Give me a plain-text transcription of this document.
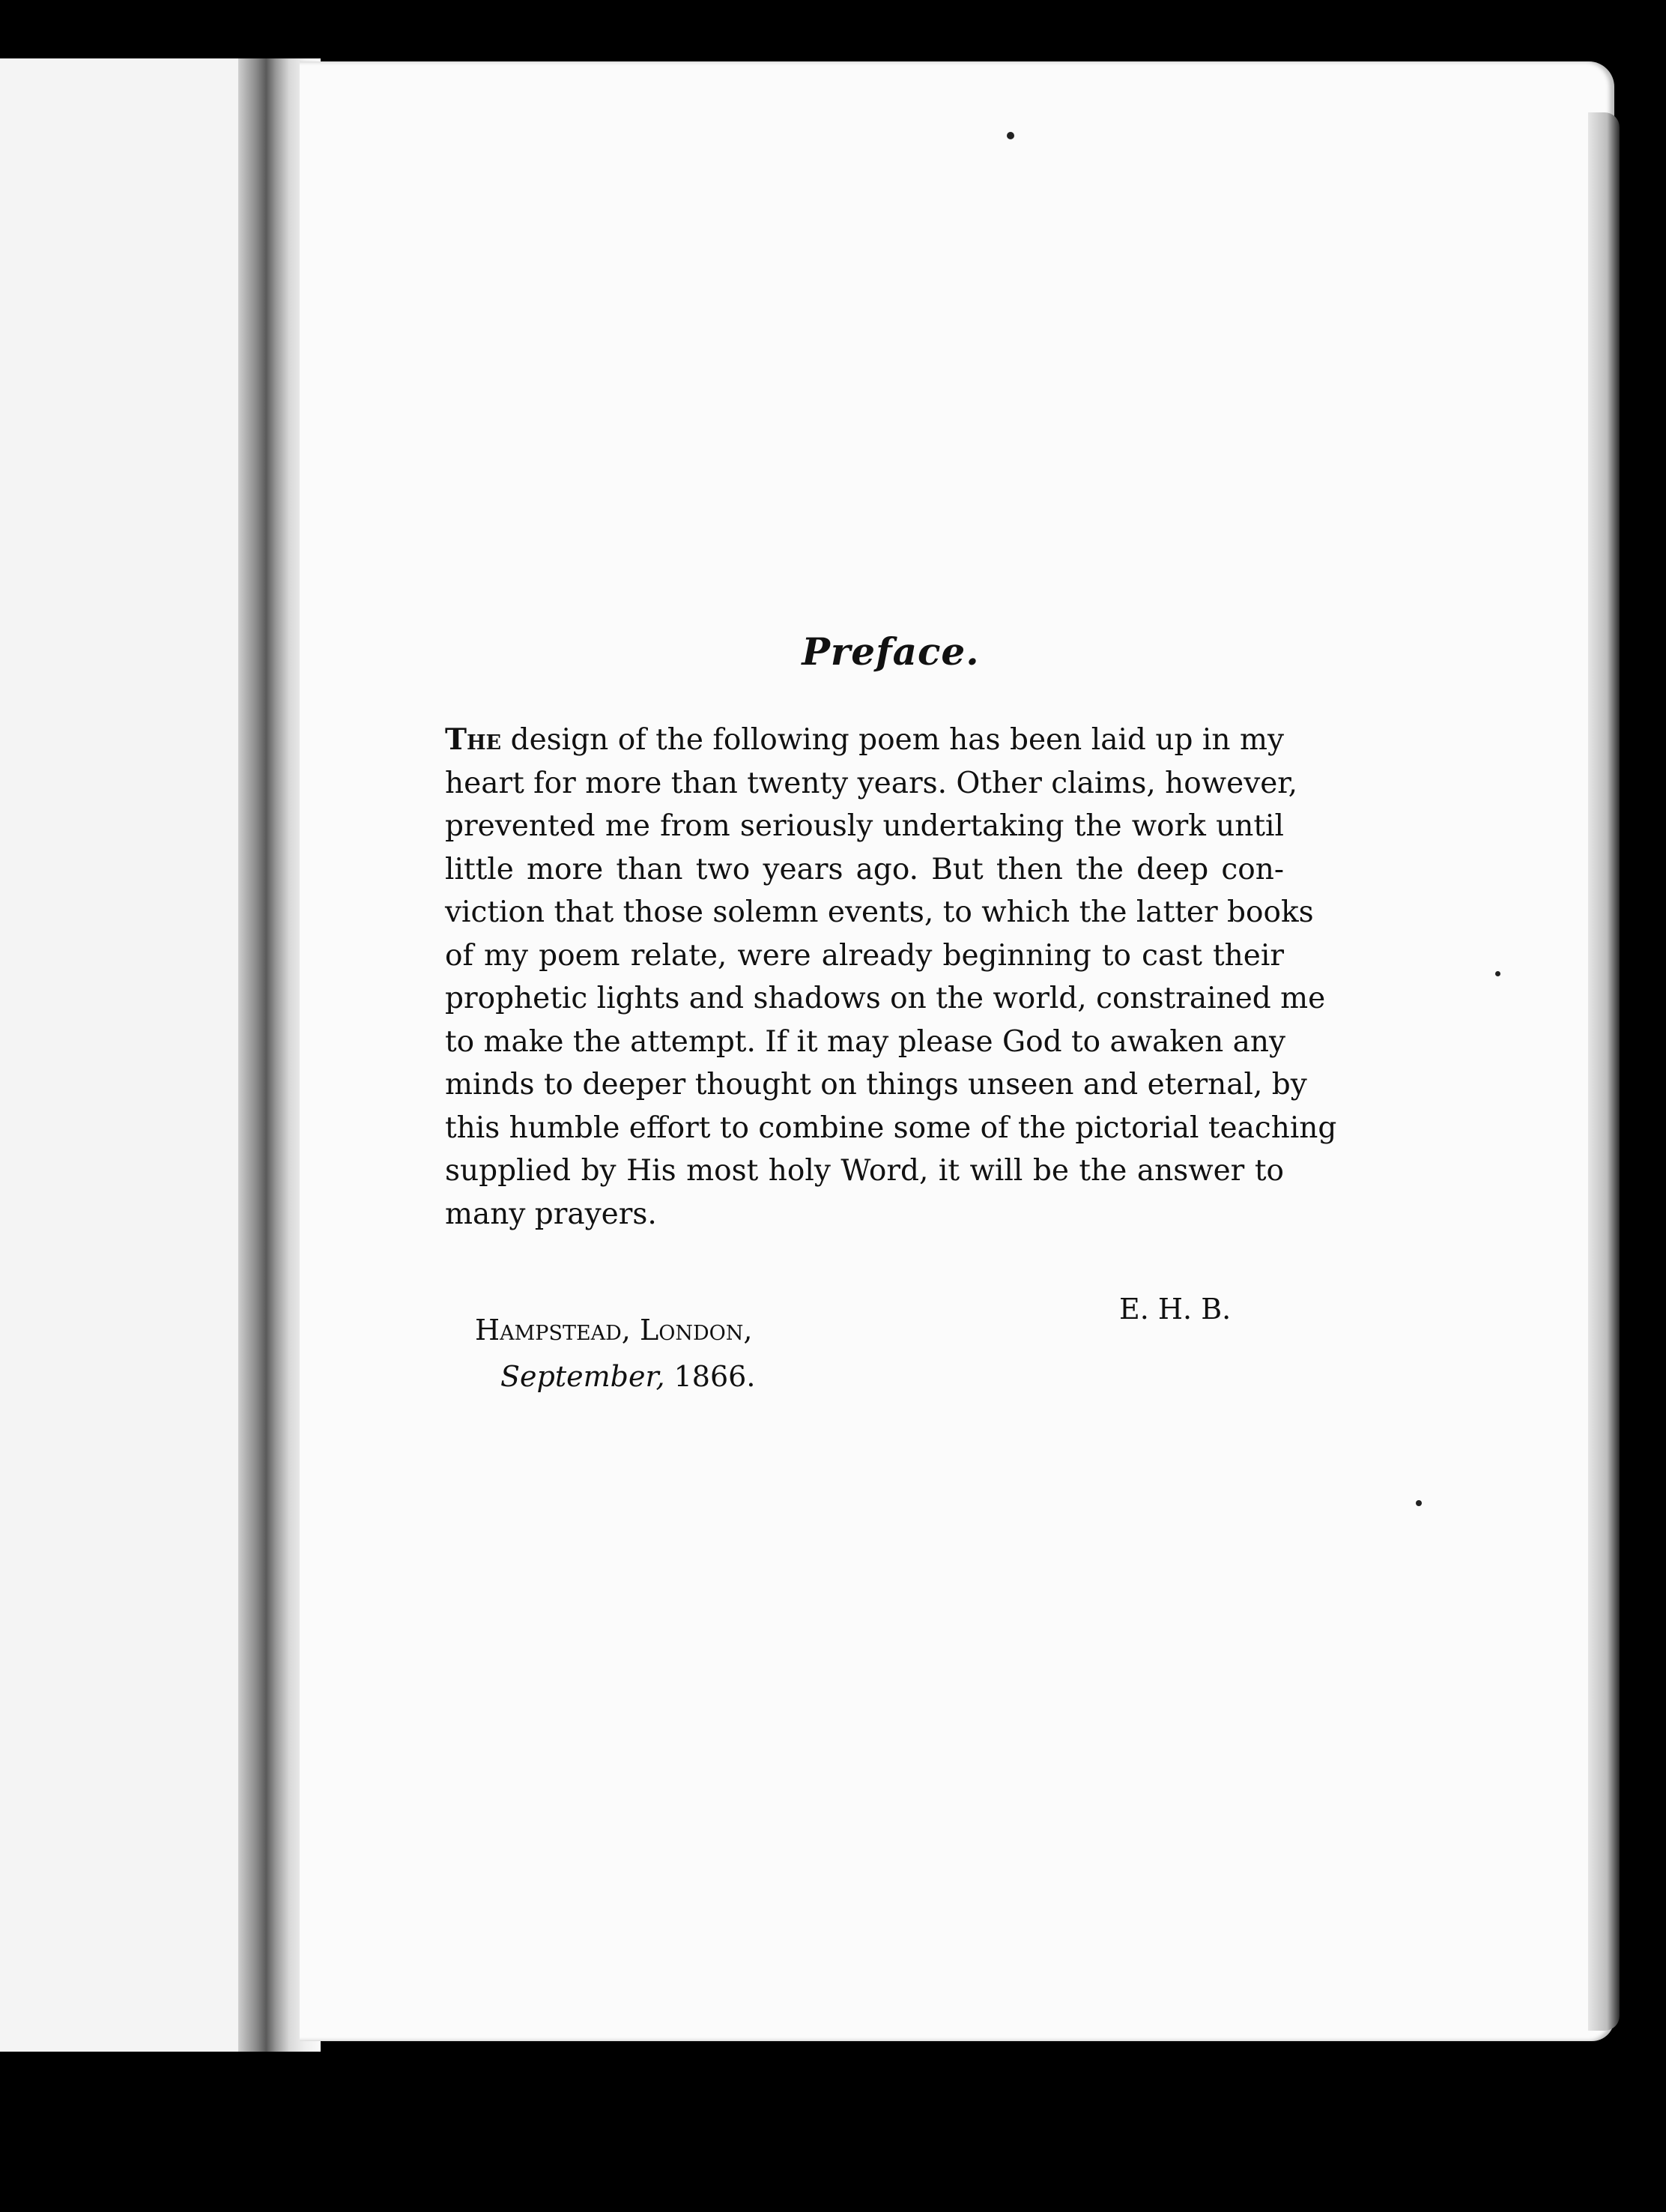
Preface.

The design of the following poem has been laid up in my
heart for more than twenty years. Other claims, however,
prevented me from seriously undertaking the work until
little more than two years ago. But then the deep con-
viction that those solemn events, to which the latter books
of my poem relate, were already beginning to cast their
prophetic lights and shadows on the world, constrained me
to make the attempt. If it may please God to awaken any
minds to deeper thought on things unseen and eternal, by
this humble effort to combine some of the pictorial teaching
supplied by His most holy Word, it will be the answer to
many prayers.

E. H. B.
Hampstead, London,
September, 1866.
